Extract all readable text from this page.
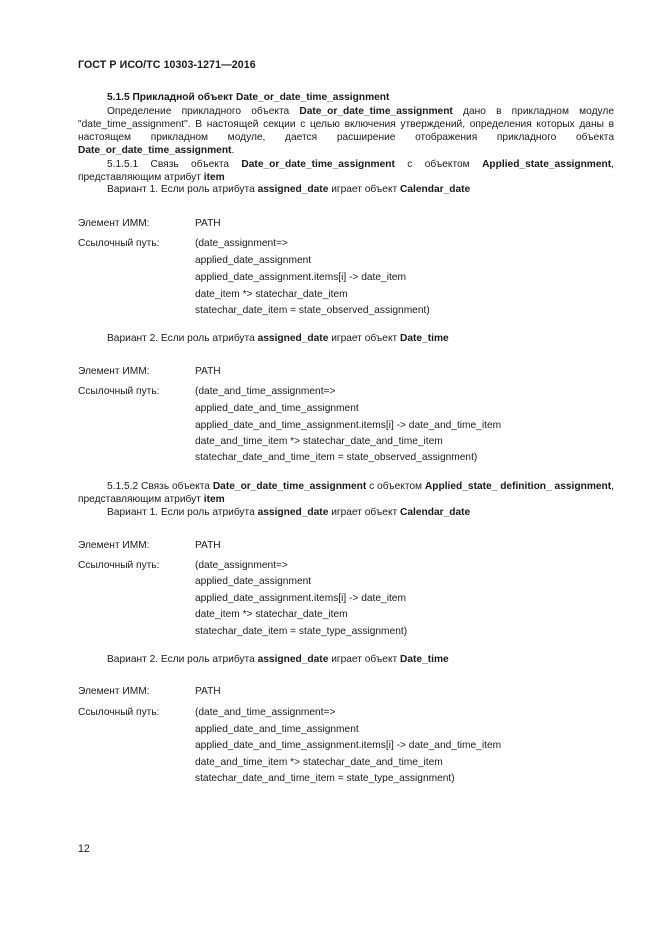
ГОСТ Р ИСО/ТС 10303-1271—2016
5.1.5 Прикладной объект Date_or_date_time_assignment
Определение прикладного объекта Date_or_date_time_assignment дано в прикладном модуле "date_time_assignment". В настоящей секции с целью включения утверждений, определения которых даны в настоящем прикладном модуле, дается расширение отображения прикладного объекта Date_or_date_time_assignment.
5.1.5.1 Связь объекта Date_or_date_time_assignment с объектом Applied_state_assignment, представляющим атрибут item
Вариант 1. Если роль атрибута assigned_date играет объект Calendar_date
Элемент ИММ:	PATH
Ссылочный путь:	(date_assignment=>
applied_date_assignment
applied_date_assignment.items[i] -> date_item
date_item *> statechar_date_item
statechar_date_item = state_observed_assignment)
Вариант 2. Если роль атрибута assigned_date играет объект Date_time
Элемент ИММ:	PATH
Ссылочный путь:	(date_and_time_assignment=>
applied_date_and_time_assignment
applied_date_and_time_assignment.items[i] -> date_and_time_item
date_and_time_item *> statechar_date_and_time_item
statechar_date_and_time_item = state_observed_assignment)
5.1.5.2 Связь объекта Date_or_date_time_assignment с объектом Applied_state_ definition_ assignment, представляющим атрибут item
Вариант 1. Если роль атрибута assigned_date играет объект Calendar_date
Элемент ИММ:	PATH
Ссылочный путь:	(date_assignment=>
applied_date_assignment
applied_date_assignment.items[i] -> date_item
date_item *> statechar_date_item
statechar_date_item = state_type_assignment)
Вариант 2. Если роль атрибута assigned_date играет объект Date_time
Элемент ИММ:	PATH
Ссылочный путь:	(date_and_time_assignment=>
applied_date_and_time_assignment
applied_date_and_time_assignment.items[i] -> date_and_time_item
date_and_time_item *> statechar_date_and_time_item
statechar_date_and_time_item = state_type_assignment)
12
